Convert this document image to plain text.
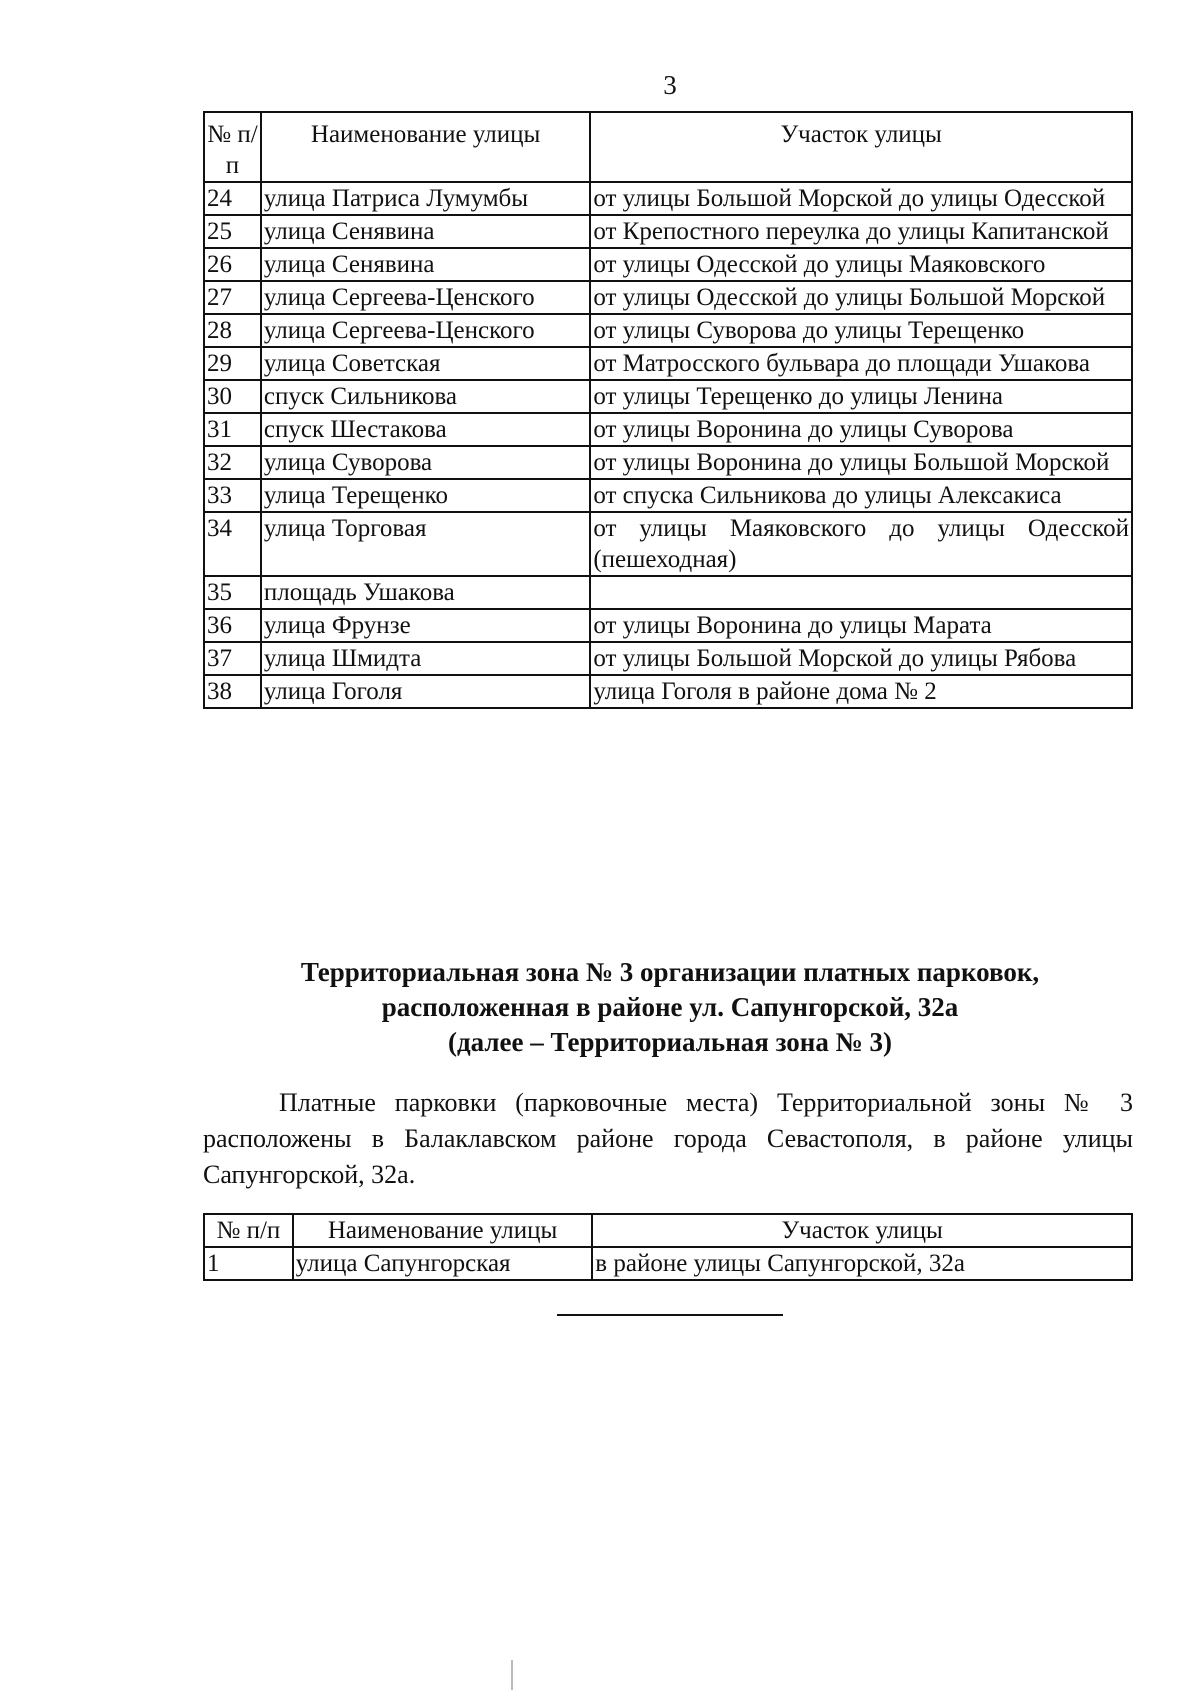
3
№ п/п	Наименование улицы	Участок улицы
24	улица Патриса Лумумбы	от улицы Большой Морской до улицы Одесской
25	улица Сенявина	от Крепостного переулка до улицы Капитанской
26	улица Сенявина	от улицы Одесской до улицы Маяковского
27	улица Сергеева-Ценского	от улицы Одесской до улицы Большой Морской
28	улица Сергеева-Ценского	от улицы Суворова до улицы Терещенко
29	улица Советская	от Матросского бульвара до площади Ушакова
30	спуск Сильникова	от улицы Терещенко до улицы Ленина
31	спуск Шестакова	от улицы Воронина до улицы Суворова
32	улица Суворова	от улицы Воронина до улицы Большой Морской
33	улица Терещенко	от спуска Сильникова до улицы Алексакиса
34	улица Торговая	от улицы Маяковского до улицы Одесской (пешеходная)
35	площадь Ушакова	
36	улица Фрунзе	от улицы Воронина до улицы Марата
37	улица Шмидта	от улицы Большой Морской до улицы Рябова
38	улица Гоголя	улица Гоголя в районе дома № 2
Территориальная зона № 3 организации платных парковок,
расположенная в районе ул. Сапунгорской, 32а
(далее – Территориальная зона № 3)
Платные парковки (парковочные места) Территориальной зоны № 3 расположены в Балаклавском районе города Севастополя, в районе улицы Сапунгорской, 32а.
№ п/п	Наименование улицы	Участок улицы
1	улица Сапунгорская	в районе улицы Сапунгорской, 32а
